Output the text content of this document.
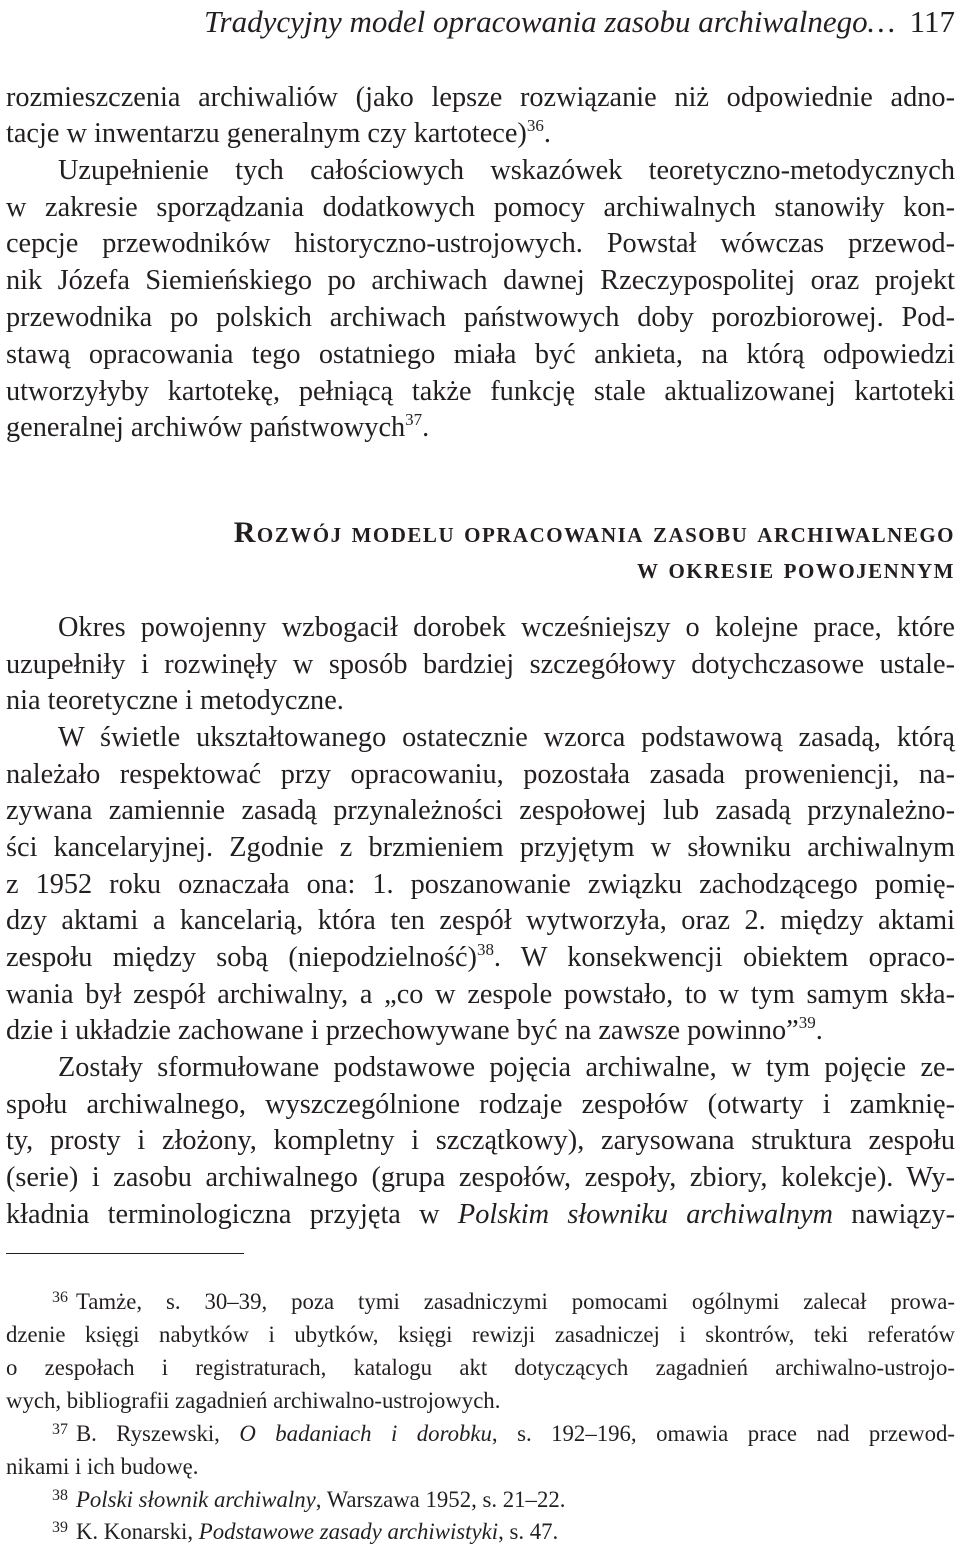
Tradycyjny model opracowania zasobu archiwalnego… 117
rozmieszczenia archiwaliów (jako lepsze rozwiązanie niż odpowiednie adno-
tacje w inwentarzu generalnym czy kartotece)$^{36}$.
Uzupełnienie tych całościowych wskazówek teoretyczno-metodycznych
w zakresie sporządzania dodatkowych pomocy archiwalnych stanowiły kon-
cepcje przewodników historyczno-ustrojowych. Powstał wówczas przewod-
nik Józefa Siemieńskiego po archiwach dawnej Rzeczypospolitej oraz projekt
przewodnika po polskich archiwach państwowych doby porozbiorowej. Pod-
stawą opracowania tego ostatniego miała być ankieta, na którą odpowiedzi
utworzyłyby kartotekę, pełniącą także funkcję stale aktualizowanej kartoteki
generalnej archiwów państwowych$^{37}$.
Rozwój modelu opracowania zasobu archiwalnego
w okresie powojennym
Okres powojenny wzbogacił dorobek wcześniejszy o kolejne prace, które
uzupełniły i rozwinęły w sposób bardziej szczegółowy dotychczasowe ustale-
nia teoretyczne i metodyczne.
W świetle ukształtowanego ostatecznie wzorca podstawową zasadą, którą
należało respektować przy opracowaniu, pozostała zasada proweniencji, na-
zywana zamiennie zasadą przynależności zespołowej lub zasadą przynależno-
ści kancelaryjnej. Zgodnie z brzmieniem przyjętym w słowniku archiwalnym
z 1952 roku oznaczała ona: 1. poszanowanie związku zachodzącego pomię-
dzy aktami a kancelarią, która ten zespół wytworzyła, oraz 2. między aktami
zespołu między sobą (niepodzielność)$^{38}$. W konsekwencji obiektem opraco-
wania był zespół archiwalny, a „co w zespole powstało, to w tym samym skła-
dzie i układzie zachowane i przechowywane być na zawsze powinno”$^{39}$.
Zostały sformułowane podstawowe pojęcia archiwalne, w tym pojęcie ze-
społu archiwalnego, wyszczególnione rodzaje zespołów (otwarty i zamknię-
ty, prosty i złożony, kompletny i szczątkowy), zarysowana struktura zespołu
(serie) i zasobu archiwalnego (grupa zespołów, zespoły, zbiory, kolekcje). Wy-
kładnia terminologiczna przyjęta w Polskim słowniku archiwalnym nawiązy-
$^{36}$ Tamże, s. 30–39, poza tymi zasadniczymi pomocami ogólnymi zalecał prowa-
dzenie księgi nabytków i ubytków, księgi rewizji zasadniczej i skontrów, teki referatów
o zespołach i registraturach, katalogu akt dotyczących zagadnień archiwalno-ustrojo-
wych, bibliografii zagadnień archiwalno-ustrojowych.
$^{37}$ B. Ryszewski, O badaniach i dorobku, s. 192–196, omawia prace nad przewod-
nikami i ich budowę.
$^{38}$ Polski słownik archiwalny, Warszawa 1952, s. 21–22.
$^{39}$ K. Konarski, Podstawowe zasady archiwistyki, s. 47.
